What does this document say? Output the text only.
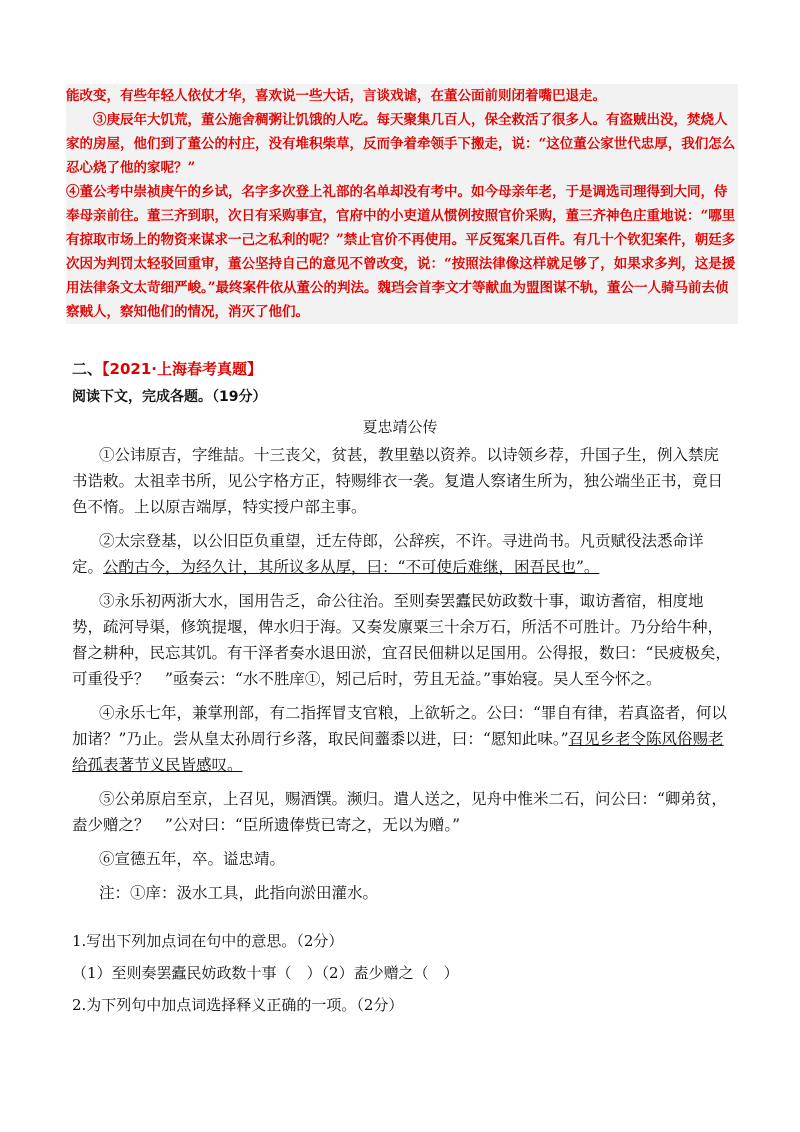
能改变，有些年轻人依仗才华，喜欢说一些大话，言谈戏谑，在董公面前则闭着嘴巴退走。

③庚辰年大饥荒，董公施舍稠粥让饥饿的人吃。每天聚集几百人，保全救活了很多人。有盗贼出没，焚烧人家的房屋，他们到了董公的村庄，没有堆积柴草，反而争着牵领手下搬走，说：“这位董公家世代忠厚，我们怎么忍心烧了他的家呢？”

④董公考中崇祯庚午的乡试，名字多次登上礼部的名单却没有考中。如今母亲年老，于是调选司理得到大同，侍奉母亲前往。董三齐到职，次日有采购事宜，官府中的小吏道从惯例按照官价采购，董三齐神色庄重地说：“哪里有掠取市场上的物资来谋求一己之私利的呢？”禁止官价不再使用。平反冤案几百件。有几十个钦犯案件，朝廷多次因为判罚太轻驳回重审，董公坚持自己的意见不曾改变，说：“按照法律像这样就足够了，如果求多判，这是援用法律条文太苛细严峻。”最终案件依从董公的判法。魏珰会首李文才等献血为盟图谋不轨，董公一人骑马前去侦察贼人，察知他们的情况，消灭了他们。

二、【2021·上海春考真题】
阅读下文，完成各题。（19分）
夏忠靖公传

①公讳原吉，字维喆。十三丧父，贫甚，教里塾以资养。以诗领乡荐，升国子生，例入禁庑书诰敕。太祖幸书所，见公字格方正，特赐绯衣一袭。复遣人察诸生所为，独公端坐正书，竟日色不惰。上以原吉端厚，特实授户部主事。

②太宗登基，以公旧臣负重望，迁左侍郎，公辞疾，不许。寻进尚书。凡贡赋役法悉命详定。公酌古今，为经久计，其所议多从厚，曰：“不可使后难继，困吾民也”。

③永乐初两浙大水，国用告乏，命公往治。至则奏罢蠹民妨政数十事，诹访耆宿，相度地势，疏河导渠，修筑提堰，俾水归于海。又奏发廪粟三十余万石，所活不可胜计。乃分给牛种，督之耕种，民忘其饥。有干泽者奏水退田淤，宜召民佃耕以足国用。公得报，数曰：“民疲极矣，　可重役乎？　”亟奏云：“水不胜庠①，矧己后时，劳且无益。”事始寝。吴人至今怀之。

④永乐七年，兼掌刑部，有二指挥冒支官粮，上欲斩之。公曰：“罪自有律，若真盗者，何以加诸？”乃止。尝从皇太孙周行乡落，取民间虀黍以进，曰：“愿知此味。”召见乡老令陈风俗赐老给孤表著节义民皆感叹。

⑤公弟原启至京，上召见，赐酒馔。濒归。遣人送之，见舟中惟米二石，问公曰：“卿弟贫，盍少赠之？　”公对曰：“臣所遗俸赀已寄之，无以为赠。”

⑥宣德五年，卒。谥忠靖。

注：①庠：汲水工具，此指向淤田灌水。

1.写出下列加点词在句中的意思。（2分）
（1）至则奏罢蠹民妨政数十事（　）（2）盍少赠之（　）
2.为下列句中加点词选择释义正确的一项。（2分）
